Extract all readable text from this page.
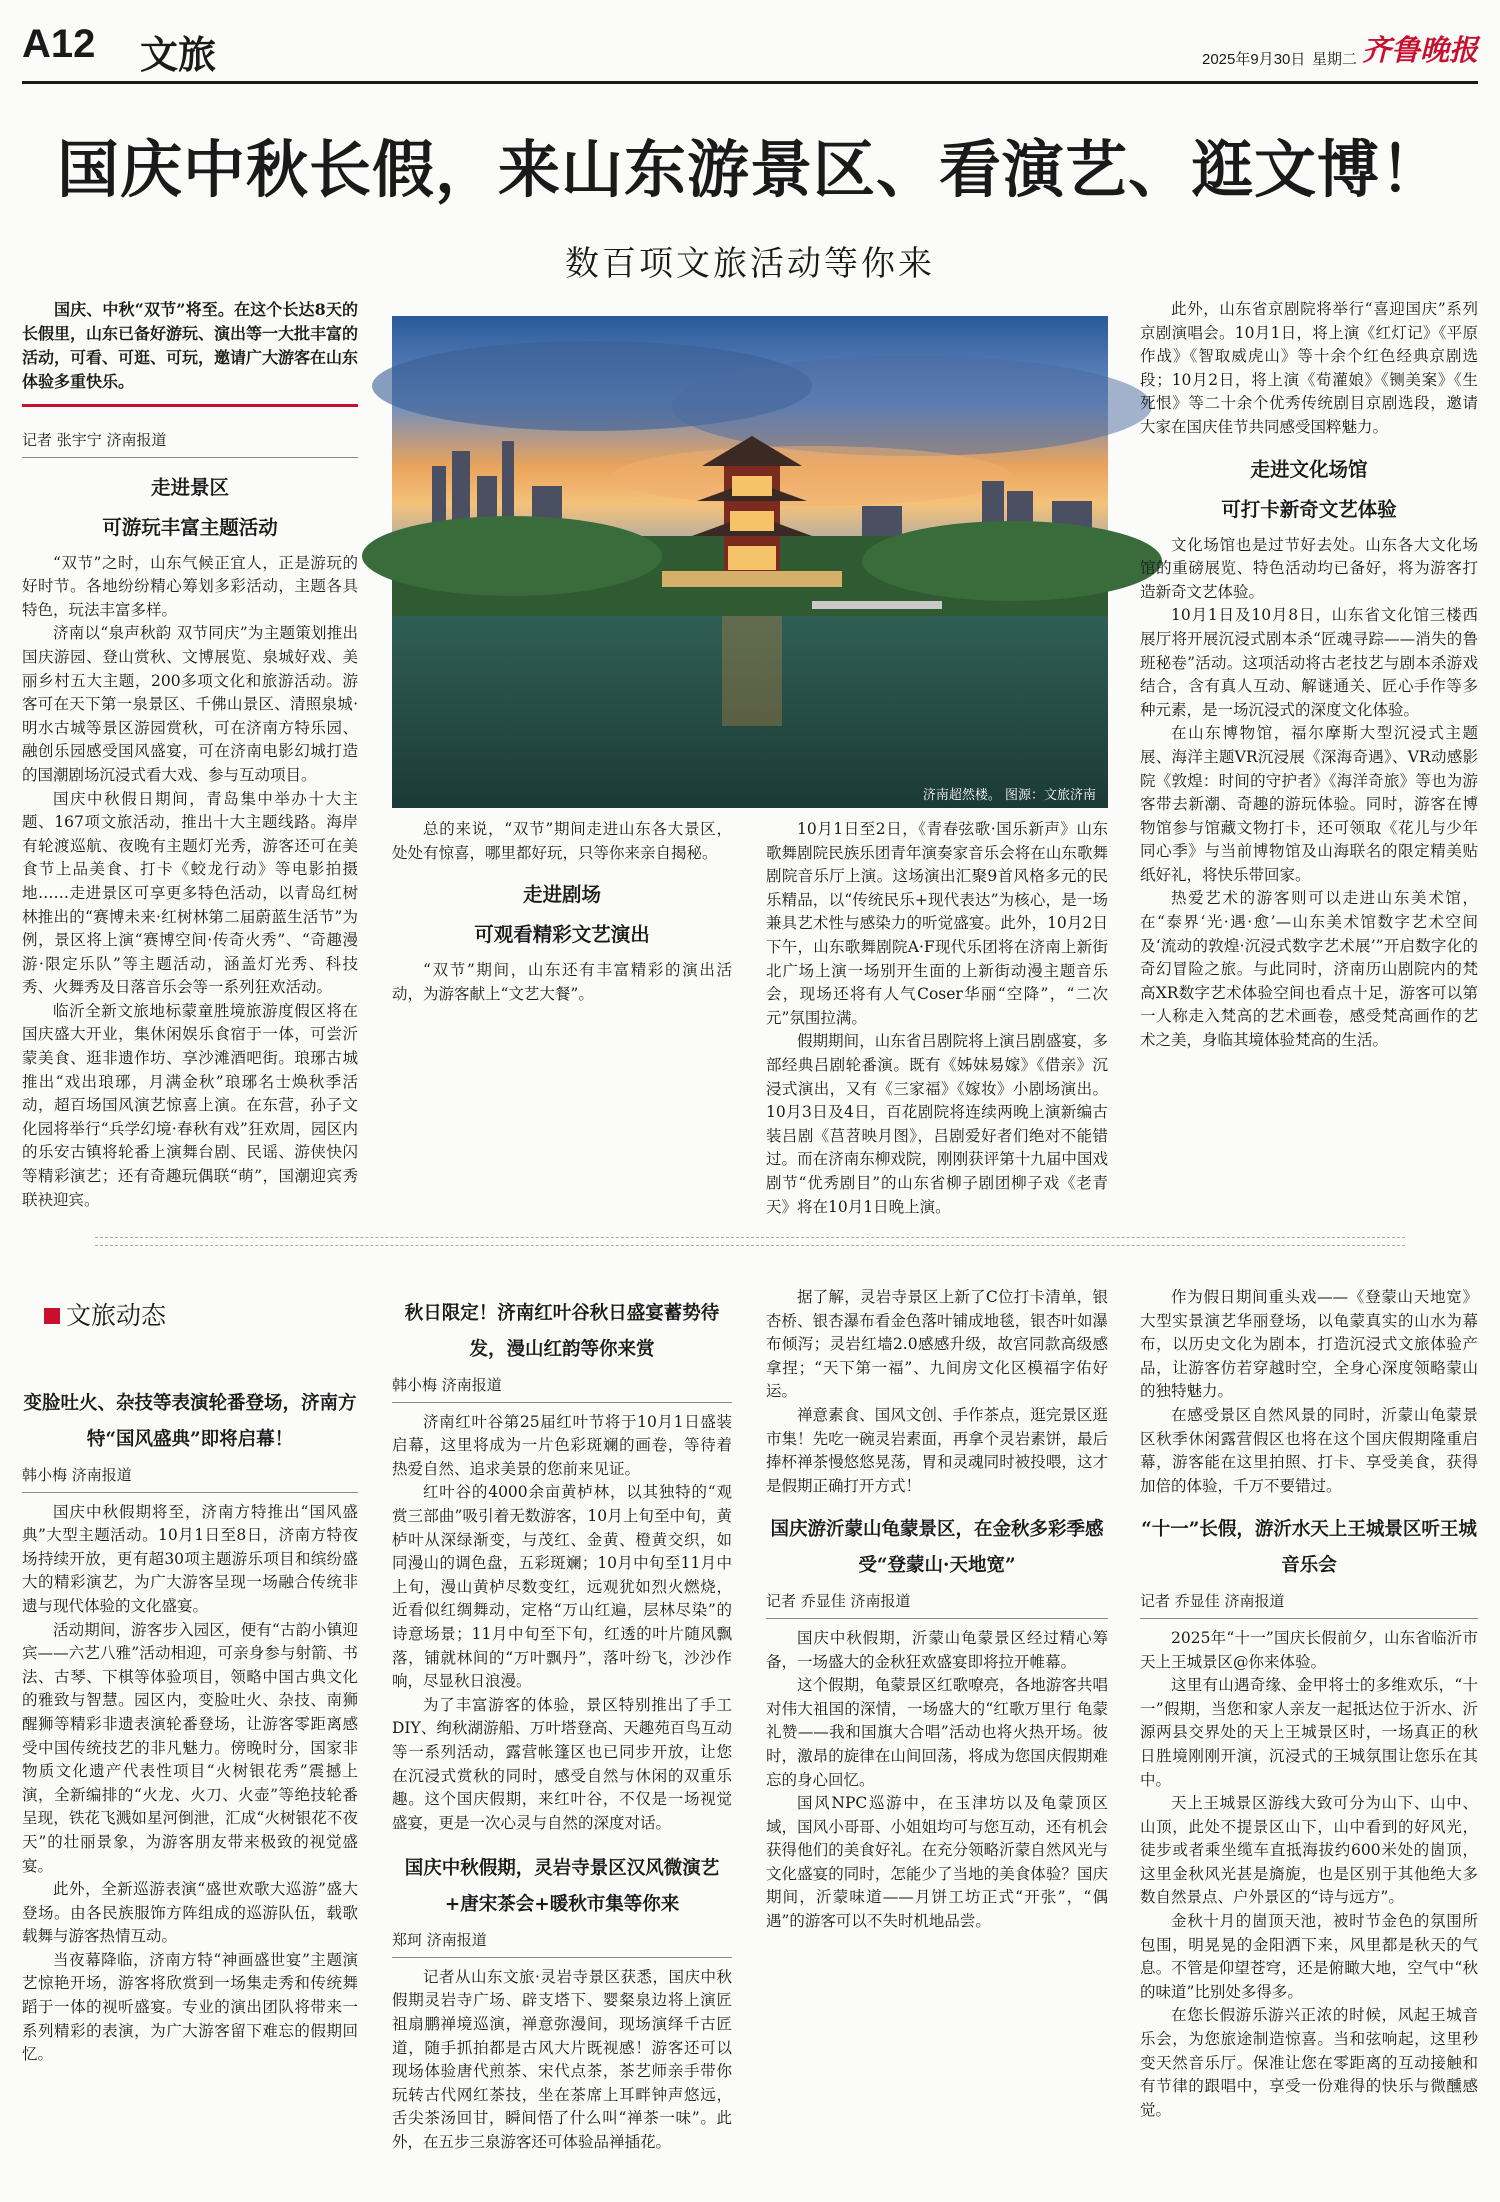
A12 文旅	2025年9月30日 星期二 齐鲁晚报
国庆中秋长假，来山东游景区、看演艺、逛文博！
数百项文旅活动等你来
济南超然楼。 图源：文旅济南

国庆、中秋“双节”将至。在这个长达8天的长假里，山东已备好游玩、演出等一大批丰富的活动，可看、可逛、可玩，邀请广大游客在山东体验多重快乐。

记者 张宇宁 济南报道
走进景区
可游玩丰富主题活动

“双节”之时，山东气候正宜人，正是游玩的好时节。各地纷纷精心筹划多彩活动，主题各具特色，玩法丰富多样。

济南以“泉声秋韵 双节同庆”为主题策划推出国庆游园、登山赏秋、文博展览、泉城好戏、美丽乡村五大主题，200多项文化和旅游活动。游客可在天下第一泉景区、千佛山景区、清照泉城·明水古城等景区游园赏秋，可在济南方特乐园、融创乐园感受国风盛宴，可在济南电影幻城打造的国潮剧场沉浸式看大戏、参与互动项目。

国庆中秋假日期间，青岛集中举办十大主题、167项文旅活动，推出十大主题线路。海岸有轮渡巡航、夜晚有主题灯光秀，游客还可在美食节上品美食、打卡《蛟龙行动》等电影拍摄地……走进景区可享更多特色活动，以青岛红树林推出的“赛博未来·红树林第二届蔚蓝生活节”为例，景区将上演“赛博空间·传奇火秀”、“奇趣漫游·限定乐队”等主题活动，涵盖灯光秀、科技秀、火舞秀及日落音乐会等一系列狂欢活动。

临沂全新文旅地标蒙童胜境旅游度假区将在国庆盛大开业，集休闲娱乐食宿于一体，可尝沂蒙美食、逛非遗作坊、享沙滩酒吧街。琅琊古城推出“戏出琅琊，月满金秋”琅琊名士焕秋季活动，超百场国风演艺惊喜上演。在东营，孙子文化园将举行“兵学幻境·春秋有戏”狂欢周，园区内的乐安古镇将轮番上演舞台剧、民谣、游侠快闪等精彩演艺；还有奇趣玩偶联“萌”，国潮迎宾秀联袂迎宾。

总的来说，“双节”期间走进山东各大景区，处处有惊喜，哪里都好玩，只等你来亲自揭秘。

走进剧场
可观看精彩文艺演出

“双节”期间，山东还有丰富精彩的演出活动，为游客献上“文艺大餐”。

10月1日至2日，《青春弦歌·国乐新声》山东歌舞剧院民族乐团青年演奏家音乐会将在山东歌舞剧院音乐厅上演。这场演出汇聚9首风格多元的民乐精品，以“传统民乐+现代表达”为核心，是一场兼具艺术性与感染力的听觉盛宴。此外，10月2日下午，山东歌舞剧院A·F现代乐团将在济南上新街北广场上演一场别开生面的上新街动漫主题音乐会，现场还将有人气Coser华丽“空降”，“二次元”氛围拉满。

假期期间，山东省吕剧院将上演吕剧盛宴，多部经典吕剧轮番演。既有《姊妹易嫁》《借亲》沉浸式演出，又有《三家福》《嫁妆》小剧场演出。10月3日及4日，百花剧院将连续两晚上演新编古装吕剧《莒苕映月图》，吕剧爱好者们绝对不能错过。而在济南东柳戏院，刚刚获评第十九届中国戏剧节“优秀剧目”的山东省柳子剧团柳子戏《老青天》将在10月1日晚上演。

此外，山东省京剧院将举行“喜迎国庆”系列京剧演唱会。10月1日，将上演《红灯记》《平原作战》《智取威虎山》等十余个红色经典京剧选段；10月2日，将上演《荀灌娘》《铡美案》《生死恨》等二十余个优秀传统剧目京剧选段，邀请大家在国庆佳节共同感受国粹魅力。

走进文化场馆
可打卡新奇文艺体验

文化场馆也是过节好去处。山东各大文化场馆的重磅展览、特色活动均已备好，将为游客打造新奇文艺体验。

10月1日及10月8日，山东省文化馆三楼西展厅将开展沉浸式剧本杀“匠魂寻踪——消失的鲁班秘卷”活动。这项活动将古老技艺与剧本杀游戏结合，含有真人互动、解谜通关、匠心手作等多种元素，是一场沉浸式的深度文化体验。

在山东博物馆，福尔摩斯大型沉浸式主题展、海洋主题VR沉浸展《深海奇遇》、VR动感影院《敦煌：时间的守护者》《海洋奇旅》等也为游客带去新潮、奇趣的游玩体验。同时，游客在博物馆参与馆藏文物打卡，还可领取《花儿与少年同心季》与当前博物馆及山海联名的限定精美贴纸好礼，将快乐带回家。

热爱艺术的游客则可以走进山东美术馆，在“泰界‘光·遇·愈’—山东美术馆数字艺术空间及‘流动的敦煌·沉浸式数字艺术展’”开启数字化的奇幻冒险之旅。与此同时，济南历山剧院内的梵高XR数字艺术体验空间也看点十足，游客可以第一人称走入梵高的艺术画卷，感受梵高画作的艺术之美，身临其境体验梵高的生活。

文旅动态
变脸吐火、杂技等表演轮番登场，济南方特“国风盛典”即将启幕！
韩小梅 济南报道

国庆中秋假期将至，济南方特推出“国风盛典”大型主题活动。10月1日至8日，济南方特夜场持续开放，更有超30项主题游乐项目和缤纷盛大的精彩演艺，为广大游客呈现一场融合传统非遗与现代体验的文化盛宴。

活动期间，游客步入园区，便有“古韵小镇迎宾——六艺八雅”活动相迎，可亲身参与射箭、书法、古琴、下棋等体验项目，领略中国古典文化的雅致与智慧。园区内，变脸吐火、杂技、南狮醒狮等精彩非遗表演轮番登场，让游客零距离感受中国传统技艺的非凡魅力。傍晚时分，国家非物质文化遗产代表性项目“火树银花秀”震撼上演，全新编排的“火龙、火刀、火壶”等绝技轮番呈现，铁花飞溅如星河倒泄，汇成“火树银花不夜天”的壮丽景象，为游客朋友带来极致的视觉盛宴。

此外，全新巡游表演“盛世欢歌大巡游”盛大登场。由各民族服饰方阵组成的巡游队伍，载歌载舞与游客热情互动。

当夜幕降临，济南方特“神画盛世宴”主题演艺惊艳开场，游客将欣赏到一场集走秀和传统舞蹈于一体的视听盛宴。专业的演出团队将带来一系列精彩的表演，为广大游客留下难忘的假期回忆。

秋日限定！济南红叶谷秋日盛宴蓄势待发，漫山红韵等你来赏
韩小梅 济南报道

济南红叶谷第25届红叶节将于10月1日盛装启幕，这里将成为一片色彩斑斓的画卷，等待着热爱自然、追求美景的您前来见证。

红叶谷的4000余亩黄栌林，以其独特的“观赏三部曲”吸引着无数游客，10月上旬至中旬，黄栌叶从深绿渐变，与茂红、金黄、橙黄交织，如同漫山的调色盘，五彩斑斓；10月中旬至11月中上旬，漫山黄栌尽数变红，远观犹如烈火燃烧，近看似红绸舞动，定格“万山红遍，层林尽染”的诗意场景；11月中旬至下旬，红透的叶片随风飘落，铺就林间的“万叶飘丹”，落叶纷飞，沙沙作响，尽显秋日浪漫。

为了丰富游客的体验，景区特别推出了手工DIY、绚秋湖游船、万叶塔登高、天趣苑百鸟互动等一系列活动，露营帐篷区也已同步开放，让您在沉浸式赏秋的同时，感受自然与休闲的双重乐趣。这个国庆假期，来红叶谷，不仅是一场视觉盛宴，更是一次心灵与自然的深度对话。

国庆中秋假期，灵岩寺景区汉风微演艺+唐宋茶会+暖秋市集等你来
郑珂 济南报道

记者从山东文旅·灵岩寺景区获悉，国庆中秋假期灵岩寺广场、辟支塔下、婴粲泉边将上演匠祖扇鹏禅境巡演，禅意弥漫间，现场演绎千古匠道，随手抓拍都是古风大片既视感！游客还可以现场体验唐代煎茶、宋代点茶，茶艺师亲手带你玩转古代网红茶技，坐在茶席上耳畔钟声悠远，舌尖茶汤回甘，瞬间悟了什么叫“禅茶一味”。此外，在五步三泉游客还可体验品禅插花。

据了解，灵岩寺景区上新了C位打卡清单，银杏桥、银杏瀑布看金色落叶铺成地毯，银杏叶如瀑布倾泻；灵岩红墙2.0感感升级，故宫同款高级感拿捏；“天下第一福”、九间房文化区模福字佑好运。

禅意素食、国风文创、手作茶点，逛完景区逛市集！先吃一碗灵岩素面，再拿个灵岩素饼，最后捧杯禅茶慢悠悠晃荡，胃和灵魂同时被投喂，这才是假期正确打开方式！

国庆游沂蒙山龟蒙景区，在金秋多彩季感受“登蒙山·天地宽”
记者 乔显佳 济南报道

国庆中秋假期，沂蒙山龟蒙景区经过精心筹备，一场盛大的金秋狂欢盛宴即将拉开帷幕。

这个假期，龟蒙景区红歌嘹亮，各地游客共唱对伟大祖国的深情，一场盛大的“红歌万里行 龟蒙礼赞——我和国旗大合唱”活动也将火热开场。彼时，激昂的旋律在山间回荡，将成为您国庆假期难忘的身心回忆。

国风NPC巡游中，在玉津坊以及龟蒙顶区域，国风小哥哥、小姐姐均可与您互动，还有机会获得他们的美食好礼。在充分领略沂蒙自然风光与文化盛宴的同时，怎能少了当地的美食体验？国庆期间，沂蒙味道——月饼工坊正式“开张”，“偶遇”的游客可以不失时机地品尝。

作为假日期间重头戏——《登蒙山天地宽》大型实景演艺华丽登场，以龟蒙真实的山水为幕布，以历史文化为剧本，打造沉浸式文旅体验产品，让游客仿若穿越时空，全身心深度领略蒙山的独特魅力。

在感受景区自然风景的同时，沂蒙山龟蒙景区秋季休闲露营假区也将在这个国庆假期隆重启幕，游客能在这里拍照、打卡、享受美食，获得加倍的体验，千万不要错过。

“十一”长假，游沂水天上王城景区听王城音乐会
记者 乔显佳 济南报道

2025年“十一”国庆长假前夕，山东省临沂市天上王城景区@你来体验。

这里有山遇奇缘、金甲将士的多维欢乐，“十一”假期，当您和家人亲友一起抵达位于沂水、沂源两县交界处的天上王城景区时，一场真正的秋日胜境刚刚开演，沉浸式的王城氛围让您乐在其中。

天上王城景区游线大致可分为山下、山中、山顶，此处不提景区山下，山中看到的好风光，徒步或者乘坐缆车直抵海拔约600米处的崮顶，这里金秋风光甚是旖旎，也是区别于其他绝大多数自然景点、户外景区的“诗与远方”。

金秋十月的崮顶天池，被时节金色的氛围所包围，明晃晃的金阳洒下来，风里都是秋天的气息。不管是仰望苍穹，还是俯瞰大地，空气中“秋的味道”比别处多得多。

在您长假游乐游兴正浓的时候，风起王城音乐会，为您旅途制造惊喜。当和弦响起，这里秒变天然音乐厅。保准让您在零距离的互动接触和有节律的跟唱中，享受一份难得的快乐与微醺感觉。
